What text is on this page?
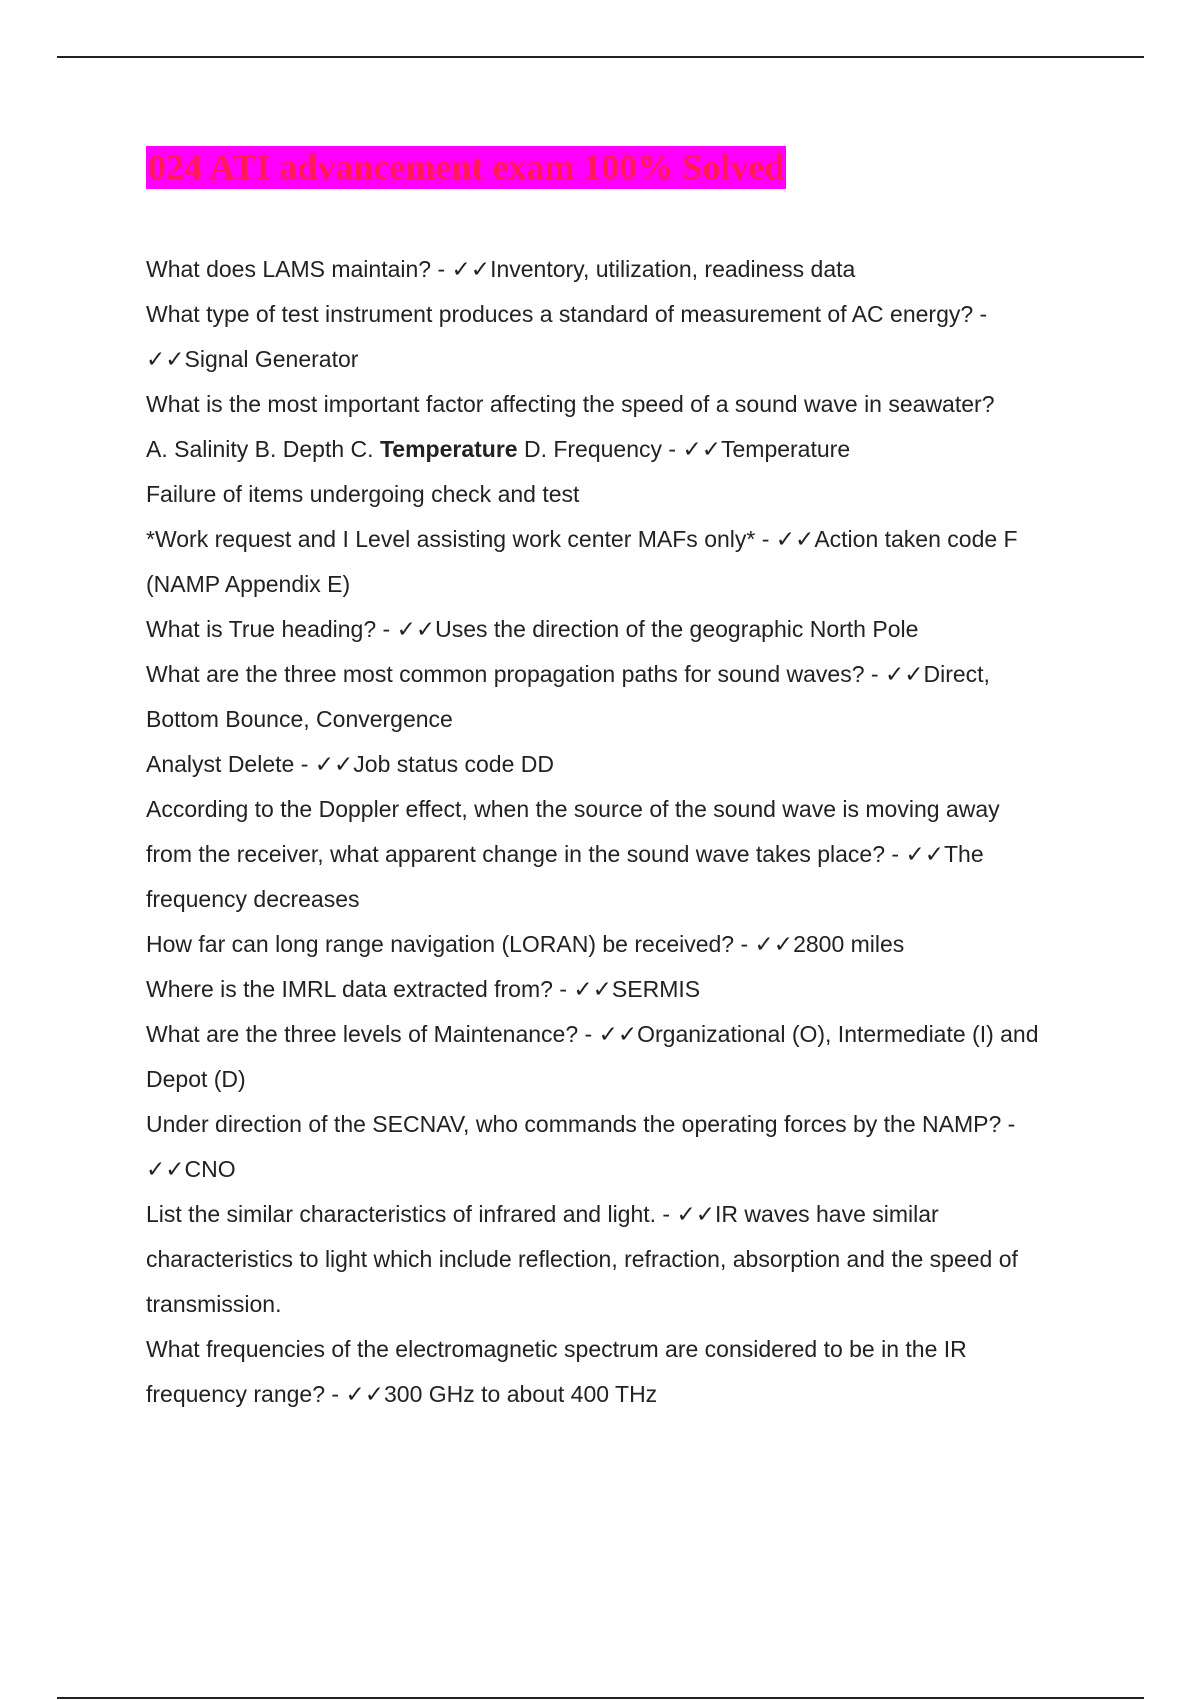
024 ATI advancement exam 100% Solved
What does LAMS maintain? - ✓✓Inventory, utilization, readiness data
What type of test instrument produces a standard of measurement of AC energy? -
✓✓Signal Generator
What is the most important factor affecting the speed of a sound wave in seawater?
A. Salinity B. Depth C. Temperature D. Frequency - ✓✓Temperature
Failure of items undergoing check and test
*Work request and I Level assisting work center MAFs only* - ✓✓Action taken code F
(NAMP Appendix E)
What is True heading? - ✓✓Uses the direction of the geographic North Pole
What are the three most common propagation paths for sound waves? - ✓✓Direct,
Bottom Bounce, Convergence
Analyst Delete - ✓✓Job status code DD
According to the Doppler effect, when the source of the sound wave is moving away
from the receiver, what apparent change in the sound wave takes place? - ✓✓The
frequency decreases
How far can long range navigation (LORAN) be received? - ✓✓2800 miles
Where is the IMRL data extracted from? - ✓✓SERMIS
What are the three levels of Maintenance? - ✓✓Organizational (O), Intermediate (I) and
Depot (D)
Under direction of the SECNAV, who commands the operating forces by the NAMP? -
✓✓CNO
List the similar characteristics of infrared and light. - ✓✓IR waves have similar
characteristics to light which include reflection, refraction, absorption and the speed of
transmission.
What frequencies of the electromagnetic spectrum are considered to be in the IR
frequency range? - ✓✓300 GHz to about 400 THz
